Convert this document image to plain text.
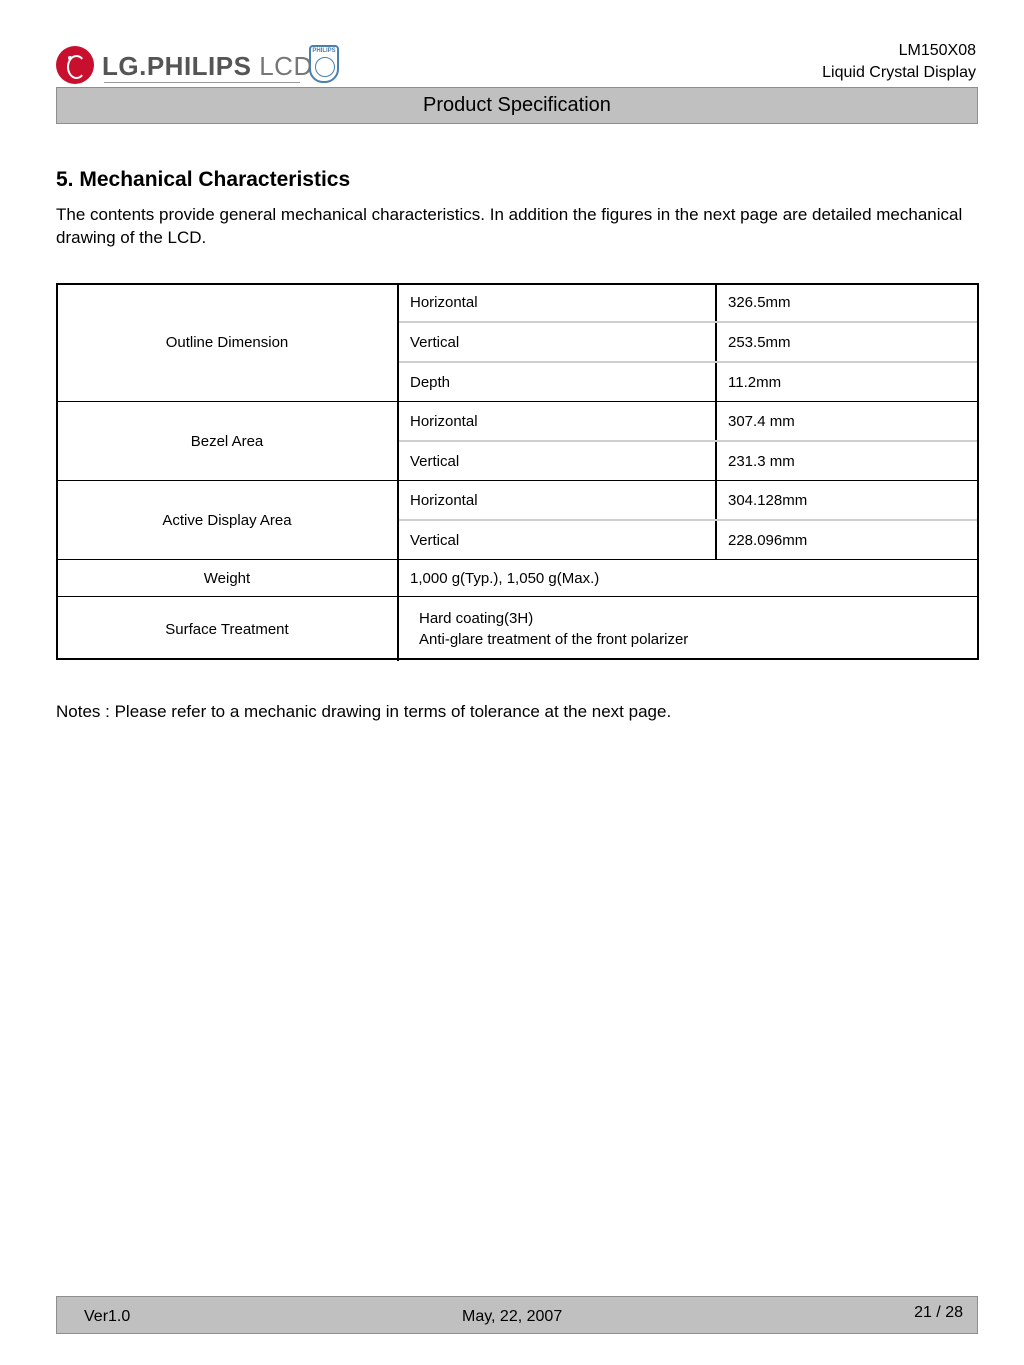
LG.PHILIPS LCD PHILIPS	LM150X08
Liquid Crystal Display
Product Specification
5. Mechanical Characteristics
The contents provide general mechanical characteristics. In addition the figures in the next page are detailed mechanical drawing of the LCD.
Outline Dimension	Horizontal	326.5mm
	Vertical	253.5mm
	Depth	11.2mm
Bezel Area	Horizontal	307.4 mm
	Vertical	231.3 mm
Active Display Area	Horizontal	304.128mm
	Vertical	228.096mm
Weight	1,000 g(Typ.), 1,050 g(Max.)	
Surface Treatment	Hard coating(3H)
Anti-glare treatment of the front polarizer	
Notes : Please refer to a mechanic drawing in terms of tolerance at the next page.
Ver1.0	May, 22, 2007	21 / 28
